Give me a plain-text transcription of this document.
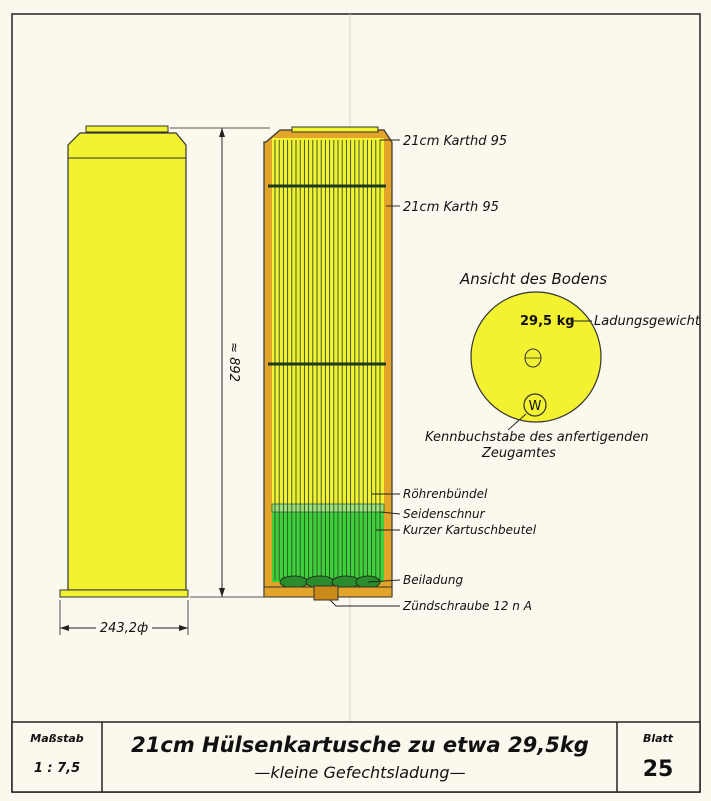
≈ 892
243,2ф
21cm Karthd 95
21cm Karth 95
Röhrenbündel
Seidenschnur
Kurzer Kartuschbeutel
Beiladung
Zündschraube 12 n A
Ansicht des Bodens
W
29,5 kg Ladungsgewicht
Kennbuchstabe des anfertigenden
Zeugamtes
Maßstab
1 : 7,5
21cm Hülsenkartusche zu etwa 29,5kg
—kleine Gefechtsladung—
Blatt
25
